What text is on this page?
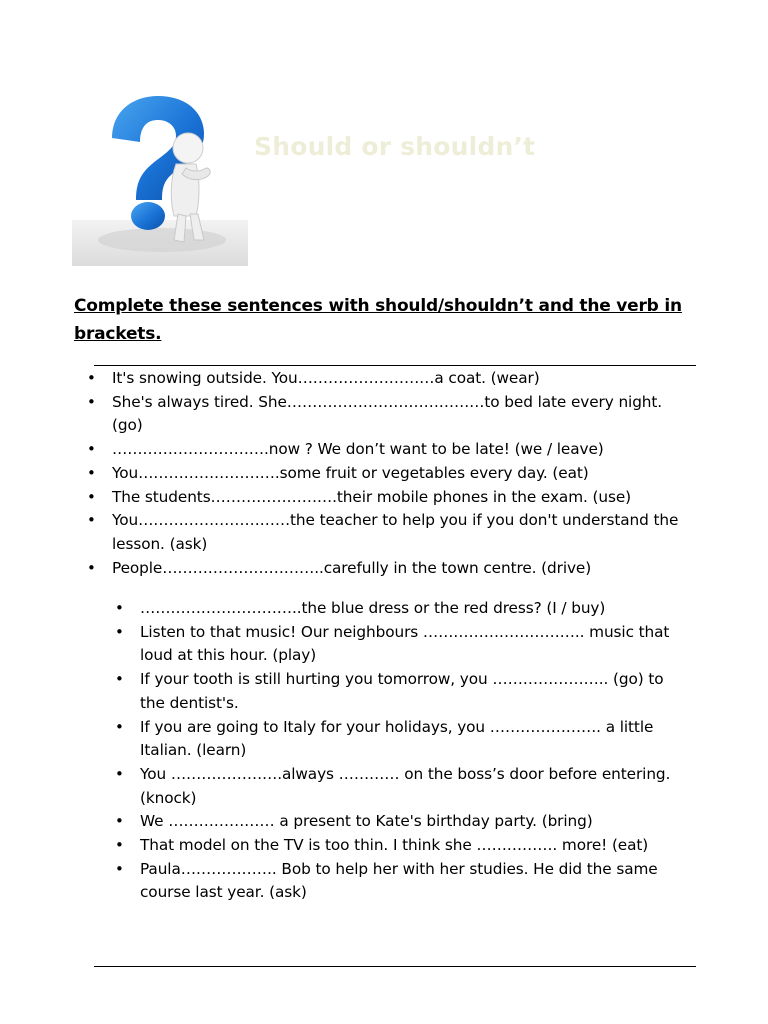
Should or shouldn’t

Complete these sentences with should/shouldn’t and the verb in brackets.

• It's snowing outside. You………………………a coat. (wear)
• She's always tired. She…………………………………to bed late every night. (go)
• ………………………….now ? We don’t want to be late! (we / leave)
• You……………………….some fruit or vegetables every day. (eat)
• The students…………………….their mobile phones in the exam. (use)
• You…………………………the teacher to help you if you don't understand the lesson. (ask)
• People…………………………..carefully in the town centre. (drive)
• …………………………..the blue dress or the red dress? (I / buy)
• Listen to that music! Our neighbours ………………………….. music that loud at this hour. (play)
• If your tooth is still hurting you tomorrow, you ………………….. (go) to the dentist's.
• If you are going to Italy for your holidays, you …………………. a little Italian. (learn)
• You ………………….always ………… on the boss’s door before entering. (knock)
• We ………………… a present to Kate's birthday party. (bring)
• That model on the TV is too thin. I think she ……………. more! (eat)
• Paula………………. Bob to help her with her studies. He did the same course last year. (ask)
